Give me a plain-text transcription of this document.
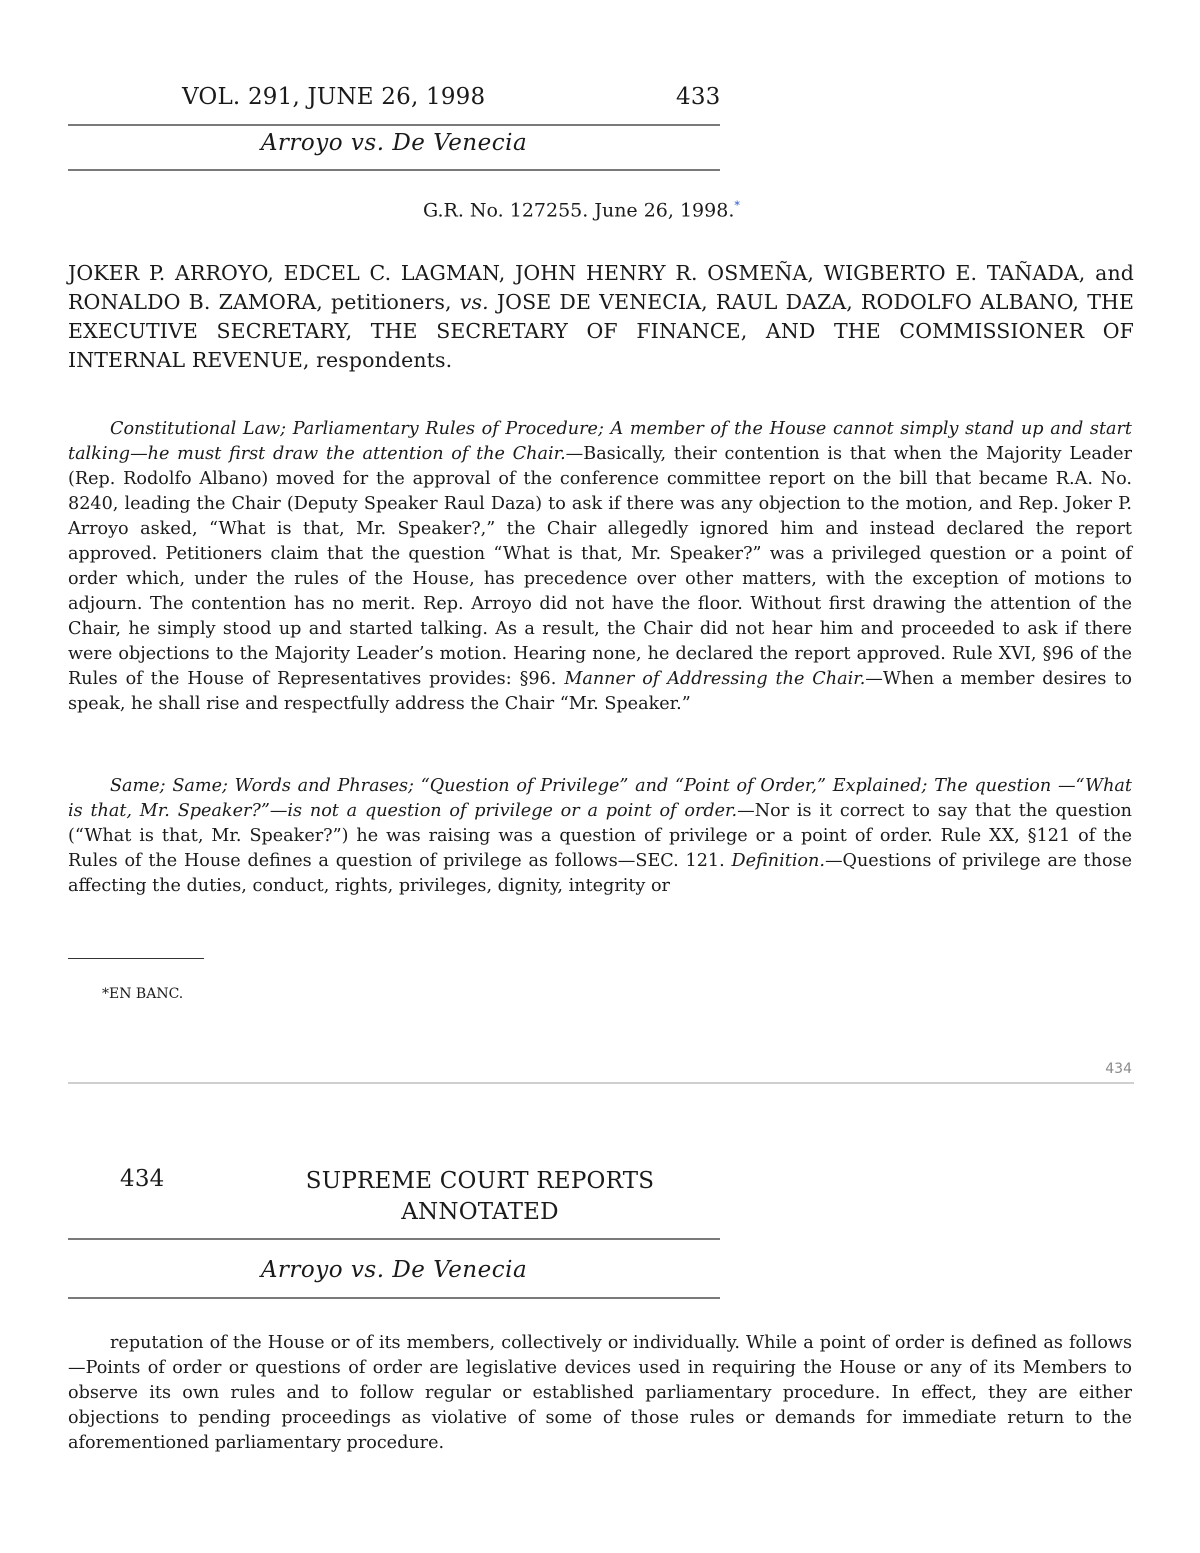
VOL. 291, JUNE 26, 1998	433
Arroyo vs. De Venecia
G.R. No. 127255. June 26, 1998.*
JOKER P. ARROYO, EDCEL C. LAGMAN, JOHN HENRY R. OSMEÑA, WIGBERTO E. TAÑADA, and RONALDO B. ZAMORA, petitioners, vs. JOSE DE VENECIA, RAUL DAZA, RODOLFO ALBANO, THE EXECUTIVE SECRETARY, THE SECRETARY OF FINANCE, AND THE COMMISSIONER OF INTERNAL REVENUE, respondents.
Constitutional Law; Parliamentary Rules of Procedure; A member of the House cannot simply stand up and start talking—he must first draw the attention of the Chair.—Basically, their contention is that when the Majority Leader (Rep. Rodolfo Albano) moved for the approval of the conference committee report on the bill that became R.A. No. 8240, leading the Chair (Deputy Speaker Raul Daza) to ask if there was any objection to the motion, and Rep. Joker P. Arroyo asked, “What is that, Mr. Speaker?,” the Chair allegedly ignored him and instead declared the report approved. Petitioners claim that the question “What is that, Mr. Speaker?” was a privileged question or a point of order which, under the rules of the House, has precedence over other matters, with the exception of motions to adjourn. The contention has no merit. Rep. Arroyo did not have the floor. Without first drawing the attention of the Chair, he simply stood up and started talking. As a result, the Chair did not hear him and proceeded to ask if there were objections to the Majority Leader’s motion. Hearing none, he declared the report approved. Rule XVI, §96 of the Rules of the House of Representatives provides: §96. Manner of Addressing the Chair.—When a member desires to speak, he shall rise and respectfully address the Chair “Mr. Speaker.”
Same; Same; Words and Phrases; “Question of Privilege” and “Point of Order,” Explained; The question —“What is that, Mr. Speaker?”—is not a question of privilege or a point of order.—Nor is it correct to say that the question (“What is that, Mr. Speaker?”) he was raising was a question of privilege or a point of order. Rule XX, §121 of the Rules of the House defines a question of privilege as follows—SEC. 121. Definition.—Questions of privilege are those affecting the duties, conduct, rights, privileges, dignity, integrity or
*EN BANC.
434
434	SUPREME COURT REPORTS
ANNOTATED
Arroyo vs. De Venecia
reputation of the House or of its members, collectively or individually. While a point of order is defined as follows—Points of order or questions of order are legislative devices used in requiring the House or any of its Members to observe its own rules and to follow regular or established parliamentary procedure. In effect, they are either objections to pending proceedings as violative of some of those rules or demands for immediate return to the aforementioned parliamentary procedure.
